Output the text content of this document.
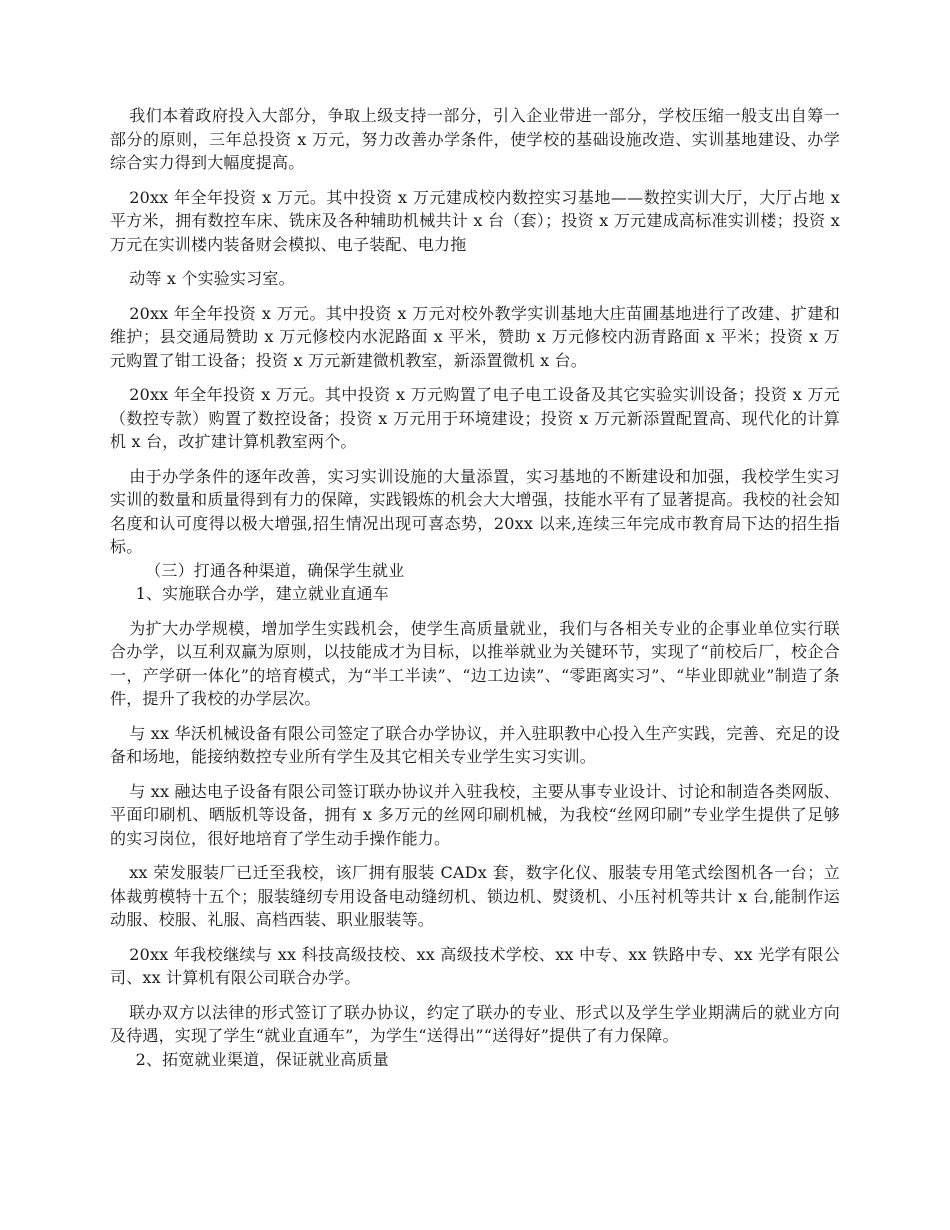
我们本着政府投入大部分，争取上级支持一部分，引入企业带进一部分，学校压缩一般支出自筹一部分的原则，三年总投资 x 万元，努力改善办学条件，使学校的基础设施改造、实训基地建设、办学综合实力得到大幅度提高。

20xx 年全年投资 x 万元。其中投资 x 万元建成校内数控实习基地——数控实训大厅，大厅占地 x 平方米，拥有数控车床、铣床及各种辅助机械共计 x 台（套）；投资 x 万元建成高标准实训楼；投资 x 万元在实训楼内装备财会模拟、电子装配、电力拖

动等 x 个实验实习室。

20xx 年全年投资 x 万元。其中投资 x 万元对校外教学实训基地大庄苗圃基地进行了改建、扩建和维护；县交通局赞助 x 万元修校内水泥路面 x 平米，赞助 x 万元修校内沥青路面 x 平米；投资 x 万元购置了钳工设备；投资 x 万元新建微机教室，新添置微机 x 台。

20xx 年全年投资 x 万元。其中投资 x 万元购置了电子电工设备及其它实验实训设备；投资 x 万元（数控专款）购置了数控设备；投资 x 万元用于环境建设；投资 x 万元新添置配置高、现代化的计算机 x 台，改扩建计算机教室两个。

由于办学条件的逐年改善，实习实训设施的大量添置，实习基地的不断建设和加强，我校学生实习实训的数量和质量得到有力的保障，实践锻炼的机会大大增强，技能水平有了显著提高。我校的社会知名度和认可度得以极大增强,招生情况出现可喜态势，20xx 以来,连续三年完成市教育局下达的招生指标。

（三）打通各种渠道，确保学生就业

1、实施联合办学，建立就业直通车

为扩大办学规模，增加学生实践机会，使学生高质量就业，我们与各相关专业的企事业单位实行联合办学，以互利双赢为原则，以技能成才为目标，以推举就业为关键环节，实现了“前校后厂，校企合一，产学研一体化”的培育模式，为“半工半读”、“边工边读”、“零距离实习”、“毕业即就业”制造了条件，提升了我校的办学层次。

与 xx 华沃机械设备有限公司签定了联合办学协议，并入驻职教中心投入生产实践，完善、充足的设备和场地，能接纳数控专业所有学生及其它相关专业学生实习实训。

与 xx 融达电子设备有限公司签订联办协议并入驻我校，主要从事专业设计、讨论和制造各类网版、平面印刷机、晒版机等设备，拥有 x 多万元的丝网印刷机械，为我校“丝网印刷”专业学生提供了足够的实习岗位，很好地培育了学生动手操作能力。

xx 荣发服装厂已迁至我校，该厂拥有服装 CADx 套，数字化仪、服装专用笔式绘图机各一台；立体裁剪模特十五个；服装缝纫专用设备电动缝纫机、锁边机、熨烫机、小压衬机等共计 x 台,能制作运动服、校服、礼服、高档西装、职业服装等。

20xx 年我校继续与 xx 科技高级技校、xx 高级技术学校、xx 中专、xx 铁路中专、xx 光学有限公司、xx 计算机有限公司联合办学。

联办双方以法律的形式签订了联办协议，约定了联办的专业、形式以及学生学业期满后的就业方向及待遇，实现了学生“就业直通车”，为学生“送得出”“送得好”提供了有力保障。

2、拓宽就业渠道，保证就业高质量
